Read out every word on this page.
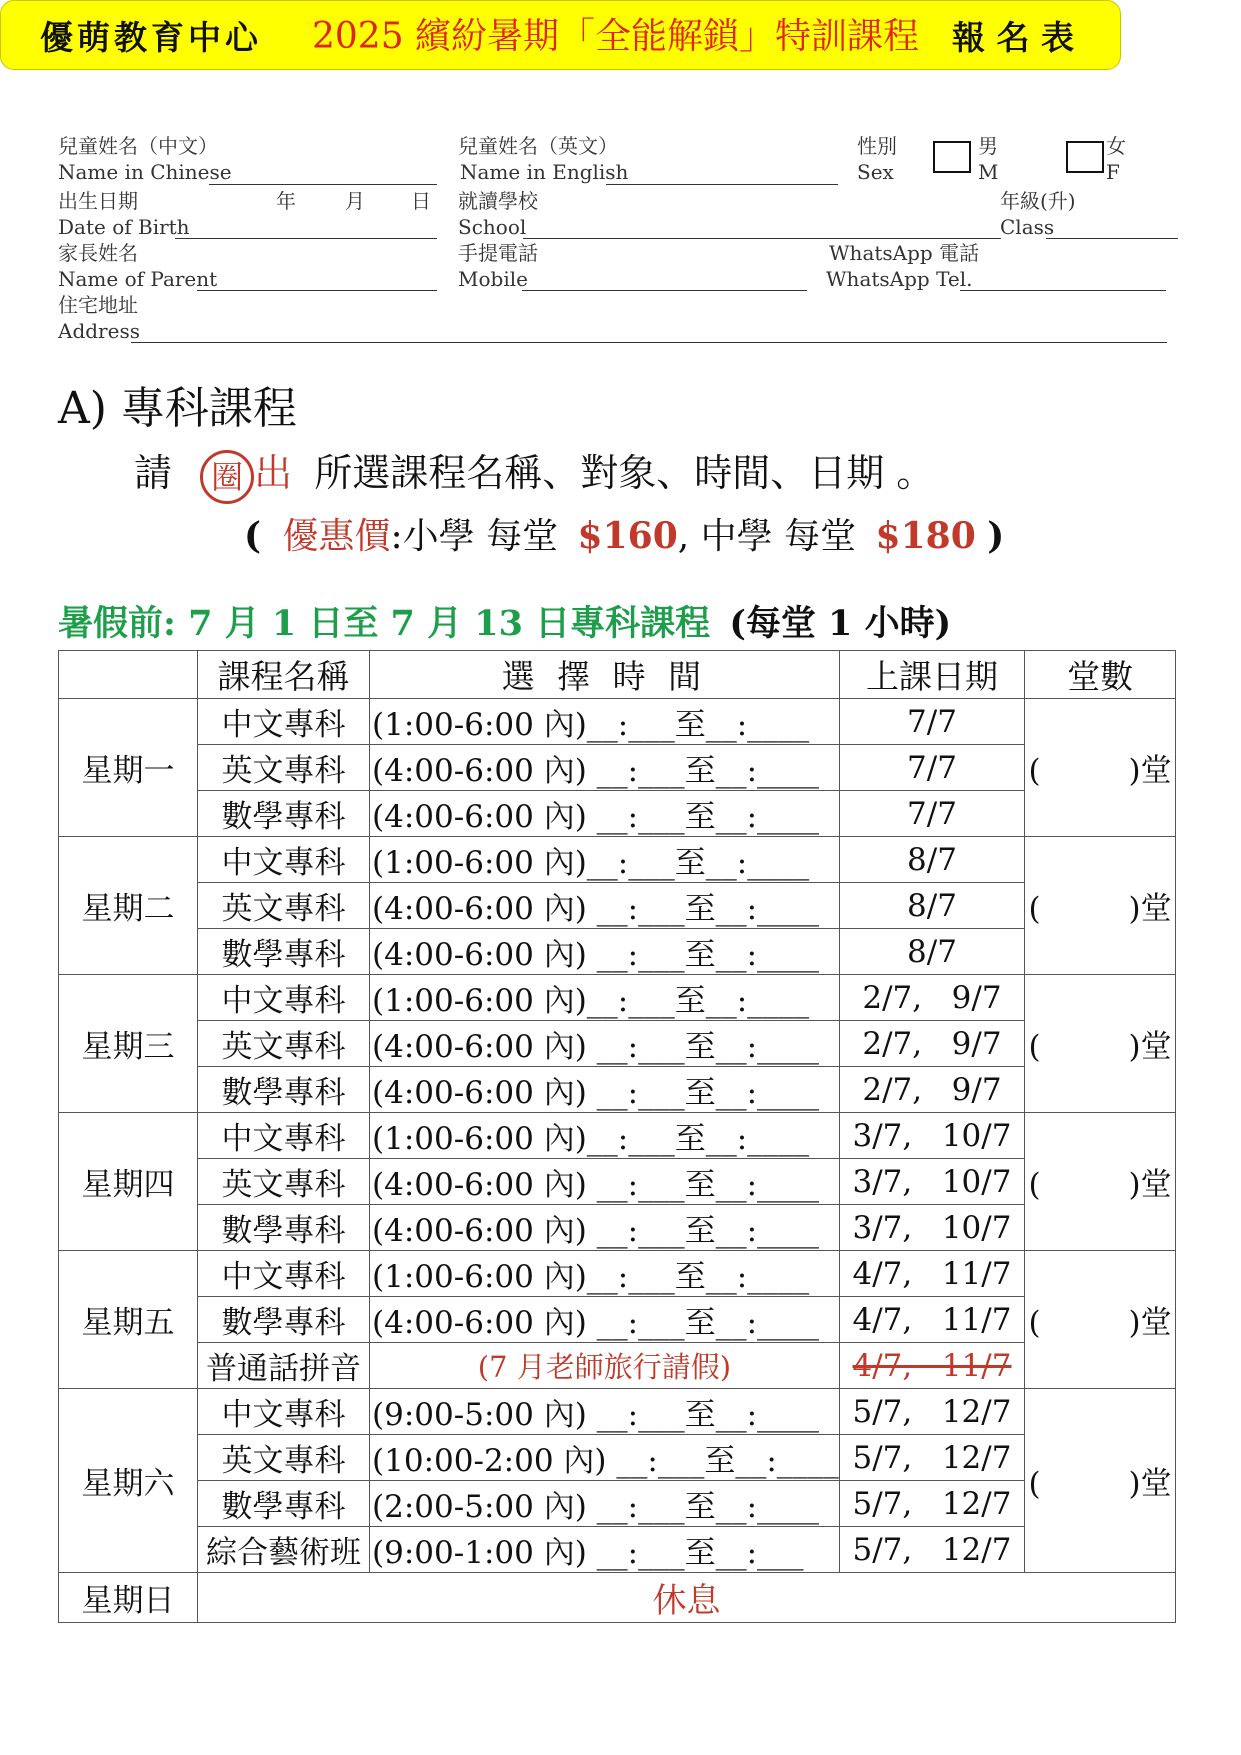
優萌教育中心 2025 繽紛暑期「全能解鎖」特訓課程 報 名 表
兒童姓名（中文）
Name in Chinese
兒童姓名（英文）
Name in English
性別
Sex
男
M
女
F
出生日期	年 月 日
Date of Birth
就讀學校
School
年級(升)
Class
家長姓名
Name of Parent
手提電話
Mobile
WhatsApp 電話
WhatsApp Tel.
住宅地址
Address
A) 專科課程
請 圈 出 所選課程名稱、對象、時間、日期 。
( 優惠價:小學 每堂 $160, 中學 每堂 $180 )
暑假前: 7 月 1 日至 7 月 13 日專科課程 (每堂 1 小時)
	課程名稱	選 擇 時 間	上課日期	堂數
星期一	中文專科	(1:00-6:00 內)__:___至__:____	7/7	( )堂
	英文專科	(4:00-6:00 內) __:___至__:____	7/7	
	數學專科	(4:00-6:00 內) __:___至__:____	7/7	
星期二	中文專科	(1:00-6:00 內)__:___至__:____	8/7	( )堂
	英文專科	(4:00-6:00 內) __:___至__:____	8/7	
	數學專科	(4:00-6:00 內) __:___至__:____	8/7	
星期三	中文專科	(1:00-6:00 內)__:___至__:____	2/7,   9/7	( )堂
	英文專科	(4:00-6:00 內) __:___至__:____	2/7,   9/7	
	數學專科	(4:00-6:00 內) __:___至__:____	2/7,   9/7	
星期四	中文專科	(1:00-6:00 內)__:___至__:____	3/7,   10/7	( )堂
	英文專科	(4:00-6:00 內) __:___至__:____	3/7,   10/7	
	數學專科	(4:00-6:00 內) __:___至__:____	3/7,   10/7	
星期五	中文專科	(1:00-6:00 內)__:___至__:____	4/7,   11/7	( )堂
	數學專科	(4:00-6:00 內) __:___至__:____	4/7,   11/7	
	普通話拼音	(7 月老師旅行請假)	4/7,   11/7	
星期六	中文專科	(9:00-5:00 內) __:___至__:____	5/7,   12/7	( )堂
	英文專科	(10:00-2:00 內) __:___至__:____	5/7,   12/7	
	數學專科	(2:00-5:00 內) __:___至__:____	5/7,   12/7	
	綜合藝術班	(9:00-1:00 內) __:___至__:___	5/7,   12/7	
星期日	休息			
